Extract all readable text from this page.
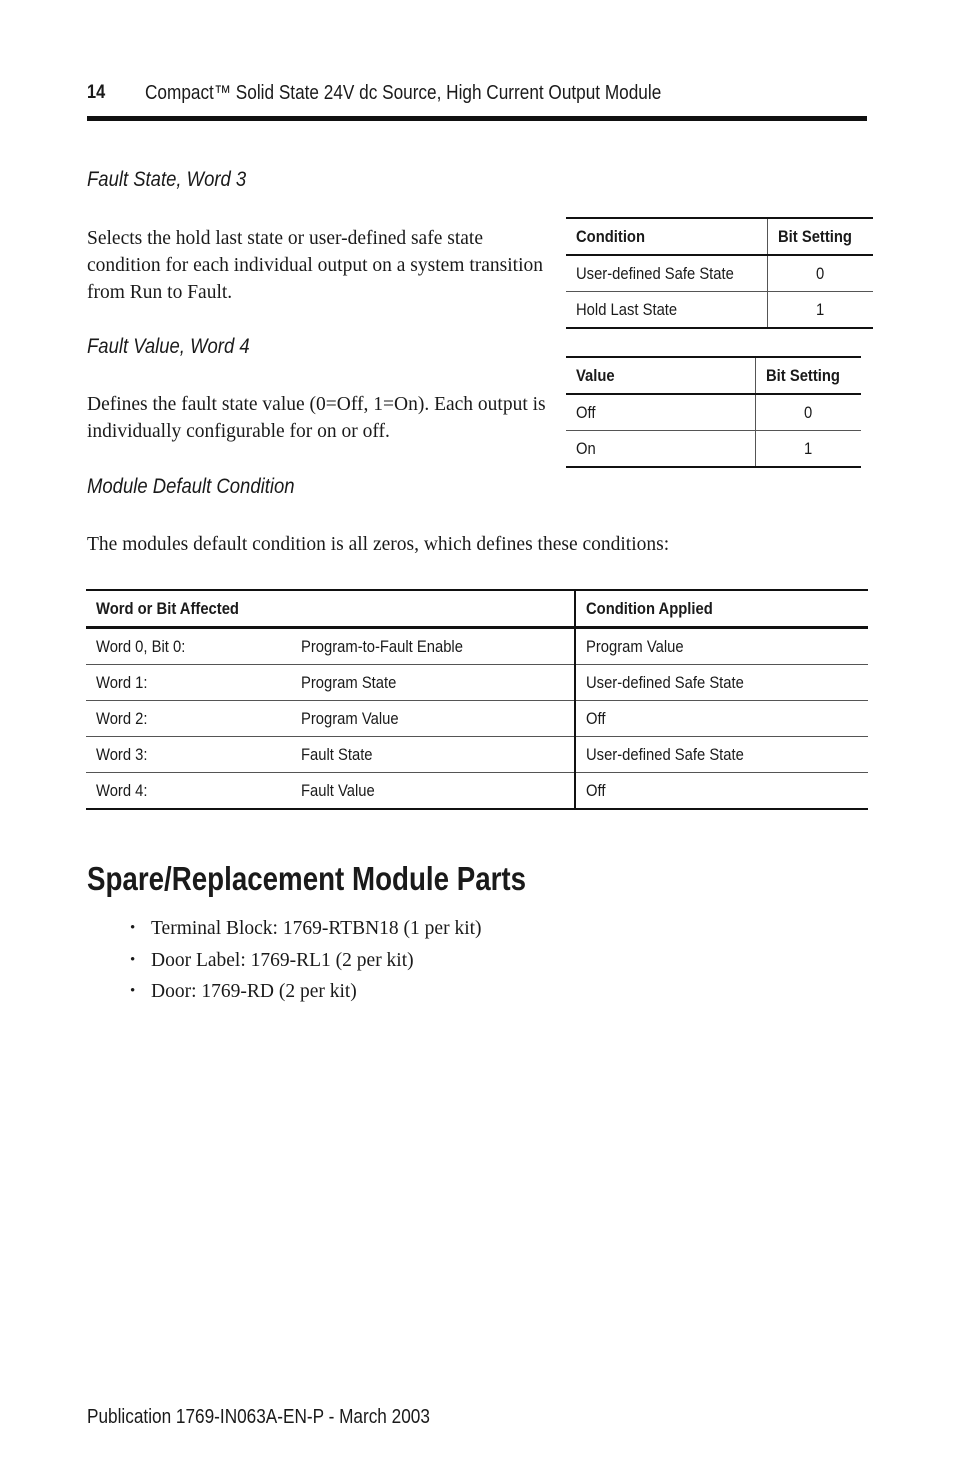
14 Compact™ Solid State 24V dc Source, High Current Output Module
Fault State, Word 3
Selects the hold last state or user-defined safe state condition for each individual output on a system transition from Run to Fault.
Condition	Bit Setting
User-defined Safe State	0
Hold Last State	1
Fault Value, Word 4
Defines the fault state value (0=Off, 1=On). Each output is individually configurable for on or off.
Value	Bit Setting
Off	0
On	1
Module Default Condition
The modules default condition is all zeros, which defines these conditions:
Word or Bit Affected		Condition Applied
Word 0, Bit 0:	Program-to-Fault Enable	Program Value
Word 1:	Program State	User-defined Safe State
Word 2:	Program Value	Off
Word 3:	Fault State	User-defined Safe State
Word 4:	Fault Value	Off
Spare/Replacement Module Parts
• Terminal Block: 1769-RTBN18 (1 per kit)
• Door Label: 1769-RL1 (2 per kit)
• Door: 1769-RD (2 per kit)
Publication 1769-IN063A-EN-P - March 2003
